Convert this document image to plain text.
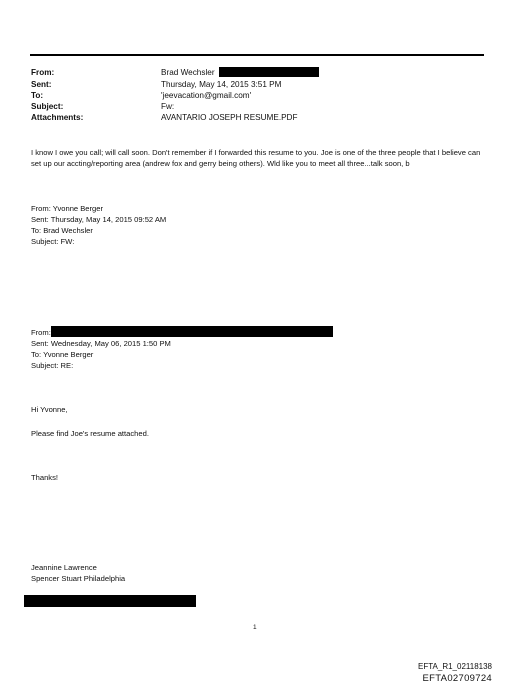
From:	Brad Wechsler
Sent:	Thursday, May 14, 2015 3:51 PM
To:	'jeevacation@gmail.com'
Subject:	Fw:
Attachments:	AVANTARIO JOSEPH RESUME.PDF
I know I owe you call; will call soon. Don't remember if I forwarded this resume to you. Joe is one of the three people that I believe can set up our accting/reporting area (andrew fox and gerry being others). Wld like you to meet all three...talk soon, b
From: Yvonne Berger
Sent: Thursday, May 14, 2015 09:52 AM
To: Brad Wechsler
Subject: FW:
From:
Sent: Wednesday, May 06, 2015 1:50 PM
To: Yvonne Berger
Subject: RE:
Hi Yvonne,
Please find Joe's resume attached.
Thanks!
Jeannine Lawrence
Spencer Stuart Philadelphia
1
EFTA_R1_02118138
EFTA02709724
